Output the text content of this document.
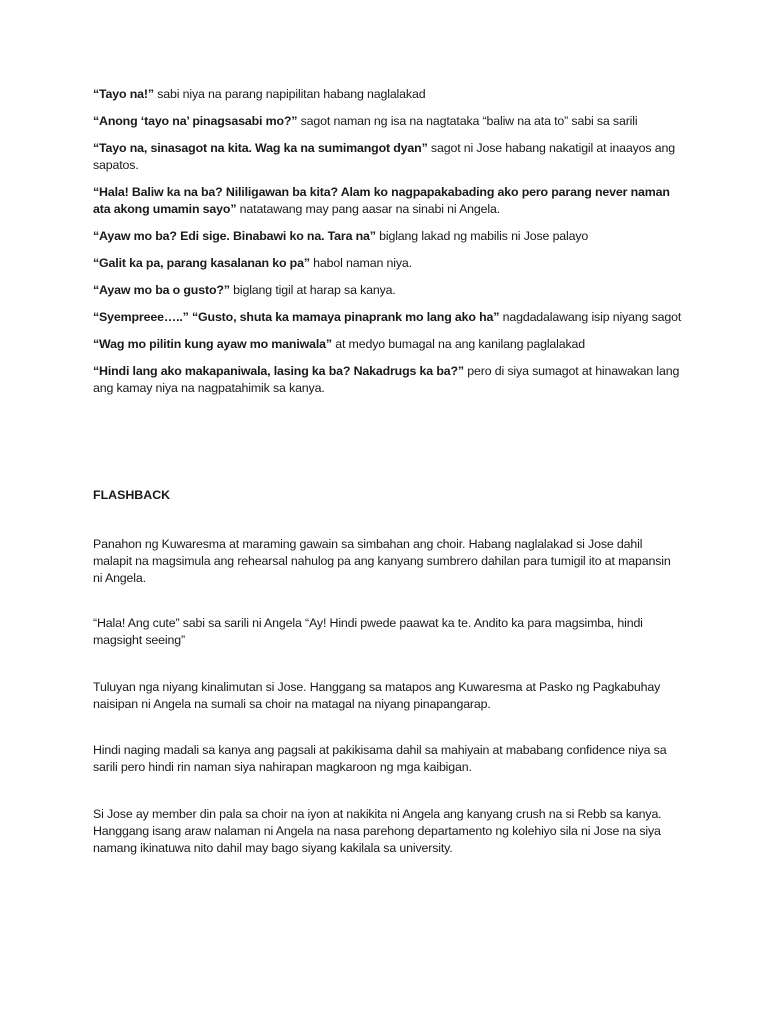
“Tayo na!” sabi niya na parang napipilitan habang naglalakad

“Anong ‘tayo na’ pinagsasabi mo?” sagot naman ng isa na nagtataka “baliw na ata to” sabi sa sarili

“Tayo na, sinasagot na kita. Wag ka na sumimangot dyan” sagot ni Jose habang nakatigil at inaayos ang sapatos.

“Hala! Baliw ka na ba? Nililigawan ba kita? Alam ko nagpapakabading ako pero parang never naman ata akong umamin sayo” natatawang may pang aasar na sinabi ni Angela.

“Ayaw mo ba? Edi sige. Binabawi ko na. Tara na” biglang lakad ng mabilis ni Jose palayo

“Galit ka pa, parang kasalanan ko pa” habol naman niya.

“Ayaw mo ba o gusto?” biglang tigil at harap sa kanya.

“Syempreee…..” “Gusto, shuta ka mamaya pinaprank mo lang ako ha” nagdadalawang isip niyang sagot

“Wag mo pilitin kung ayaw mo maniwala” at medyo bumagal na ang kanilang paglalakad

“Hindi lang ako makapaniwala, lasing ka ba? Nakadrugs ka ba?” pero di siya sumagot at hinawakan lang ang kamay niya na nagpatahimik sa kanya.

FLASHBACK

Panahon ng Kuwaresma at maraming gawain sa simbahan ang choir. Habang naglalakad si Jose dahil malapit na magsimula ang rehearsal nahulog pa ang kanyang sumbrero dahilan para tumigil ito at mapansin ni Angela.

“Hala! Ang cute” sabi sa sarili ni Angela “Ay! Hindi pwede paawat ka te. Andito ka para magsimba, hindi magsight seeing”

Tuluyan nga niyang kinalimutan si Jose. Hanggang sa matapos ang Kuwaresma at Pasko ng Pagkabuhay naisipan ni Angela na sumali sa choir na matagal na niyang pinapangarap.

Hindi naging madali sa kanya ang pagsali at pakikisama dahil sa mahiyain at mababang confidence niya sa sarili pero hindi rin naman siya nahirapan magkaroon ng mga kaibigan.

Si Jose ay member din pala sa choir na iyon at nakikita ni Angela ang kanyang crush na si Rebb sa kanya. Hanggang isang araw nalaman ni Angela na nasa parehong departamento ng kolehiyo sila ni Jose na siya namang ikinatuwa nito dahil may bago siyang kakilala sa university.
